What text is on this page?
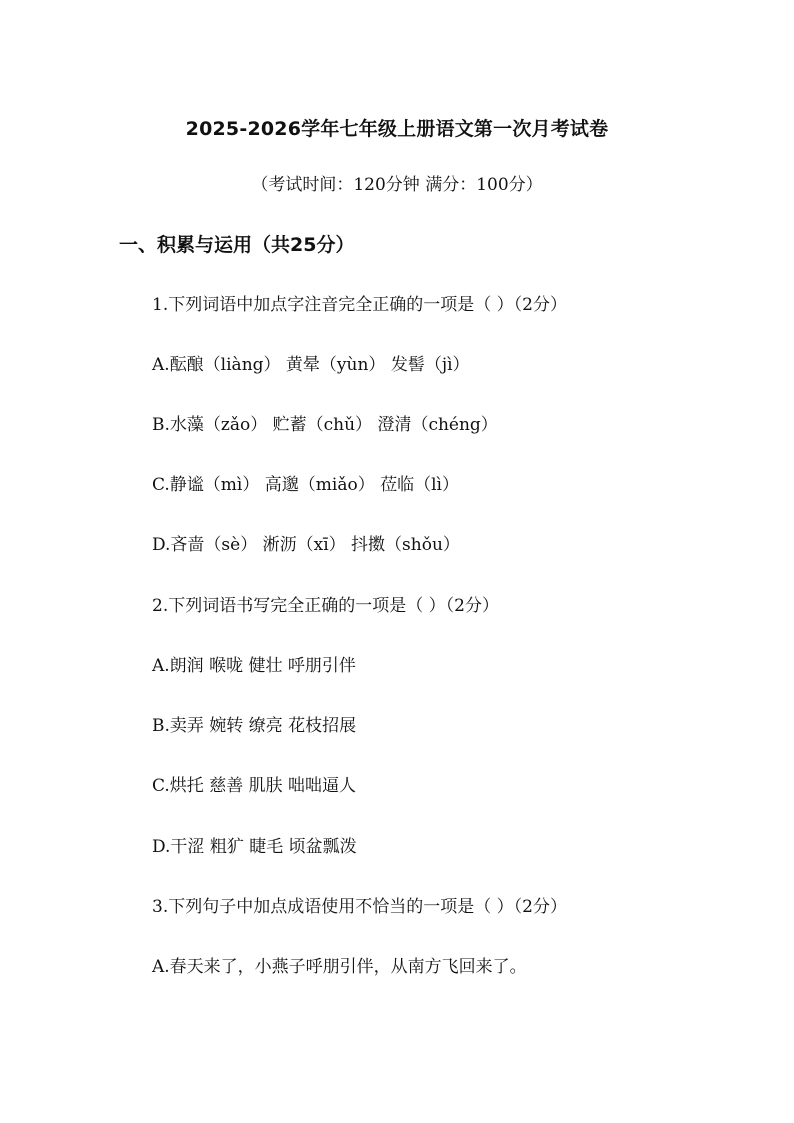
2025-2026学年七年级上册语文第一次月考试卷
（考试时间：120分钟 满分：100分）
一、积累与运用（共25分）
1.下列词语中加点字注音完全正确的一项是（ ）（2分）
A.酝酿（liàng） 黄晕（yùn） 发髻（jì）
B.水藻（zǎo） 贮蓄（chǔ） 澄清（chéng）
C.静谧（mì） 高邈（miǎo） 莅临（lì）
D.吝啬（sè） 淅沥（xī） 抖擞（shǒu）
2.下列词语书写完全正确的一项是（ ）（2分）
A.朗润 喉咙 健壮 呼朋引伴
B.卖弄 婉转 缭亮 花枝招展
C.烘托 慈善 肌肤 咄咄逼人
D.干涩 粗犷 睫毛 顷盆瓢泼
3.下列句子中加点成语使用不恰当的一项是（ ）（2分）
A.春天来了，小燕子呼朋引伴，从南方飞回来了。
